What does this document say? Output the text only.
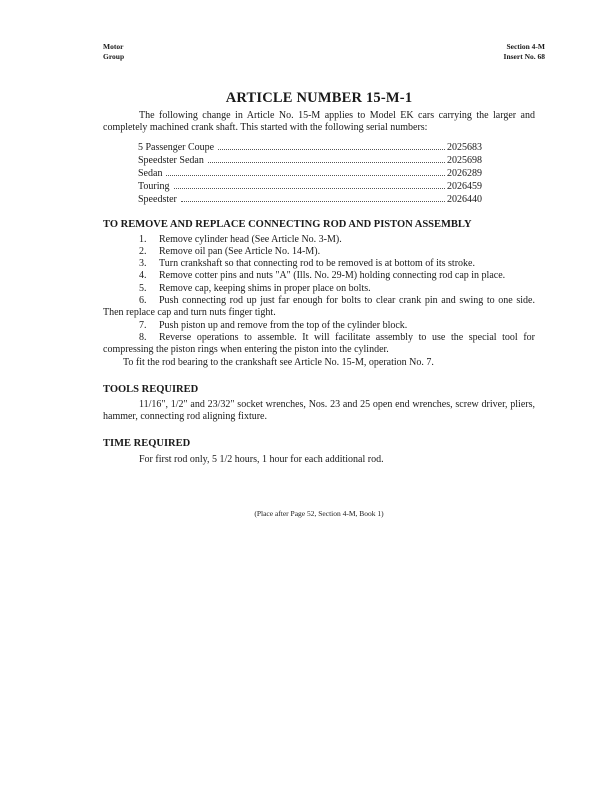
Motor
Group
Section 4-M
Insert No. 68
ARTICLE NUMBER 15-M-1
The following change in Article No. 15-M applies to Model EK cars carrying the larger and completely machined crank shaft. This started with the following serial numbers:
5 Passenger Coupe	2025683
Speedster Sedan	2025698
Sedan	2026289
Touring	2026459
Speedster	2026440
TO REMOVE AND REPLACE CONNECTING ROD AND PISTON ASSEMBLY
1. Remove cylinder head (See Article No. 3-M).
2. Remove oil pan (See Article No. 14-M).
3. Turn crankshaft so that connecting rod to be removed is at bottom of its stroke.
4. Remove cotter pins and nuts "A" (Ills. No. 29-M) holding connecting rod cap in place.
5. Remove cap, keeping shims in proper place on bolts.
6. Push connecting rod up just far enough for bolts to clear crank pin and swing to one side. Then replace cap and turn nuts finger tight.
7. Push piston up and remove from the top of the cylinder block.
8. Reverse operations to assemble. It will facilitate assembly to use the special tool for compressing the piston rings when entering the piston into the cylinder.
To fit the rod bearing to the crankshaft see Article No. 15-M, operation No. 7.
TOOLS REQUIRED
11/16", 1/2" and 23/32" socket wrenches, Nos. 23 and 25 open end wrenches, screw driver, pliers, hammer, connecting rod aligning fixture.
TIME REQUIRED
For first rod only, 5 1/2 hours, 1 hour for each additional rod.
(Place after Page 52, Section 4-M, Book 1)
